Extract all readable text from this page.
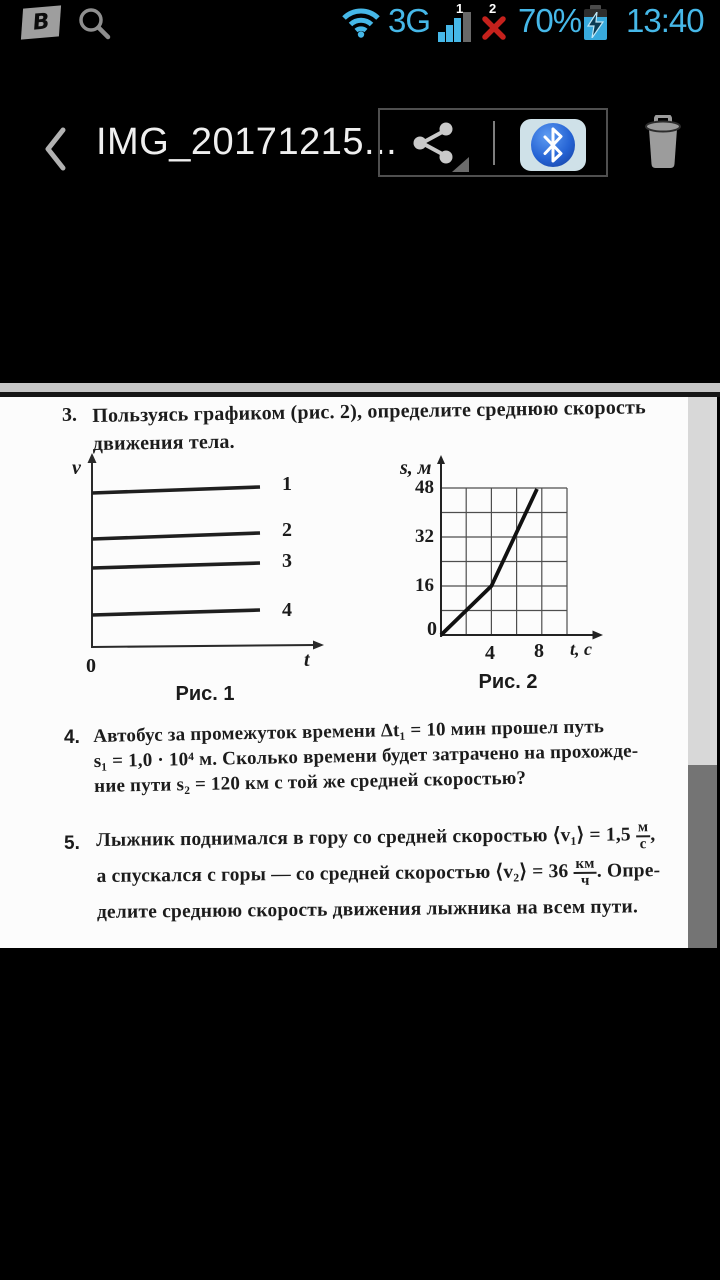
B	3G 1 2 70% 13:40
IMG_20171215...
3. Пользуясь графиком (рис. 2), определите среднюю скорость
движения тела.
v
1
2
3
4
0	t
Рис. 1
s, м
48
32
16
0
4 8 t, с
Рис. 2
4. Автобус за промежуток времени Δt₁ = 10 мин прошел путь
s₁ = 1,0 · 10⁴ м. Сколько времени будет затрачено на прохожде-
ние пути s₂ = 120 км с той же средней скоростью?
5. Лыжник поднимался в гору со средней скоростью ⟨v₁⟩ = $1,5 \frac{м}{с}$ ,
а спускался с горы — со средней скоростью ⟨v₂⟩ = $36 \frac{км}{ч}$ . Опре-
делите среднюю скорость движения лыжника на всем пути.
